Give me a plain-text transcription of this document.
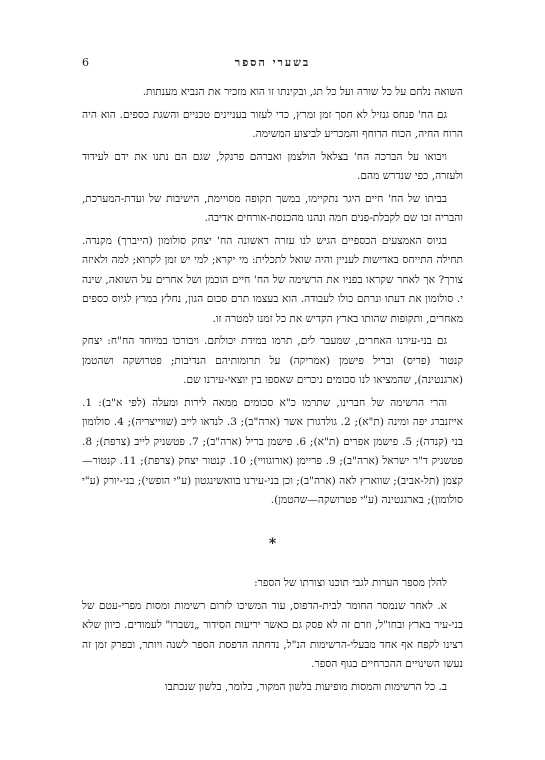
6	בשערי הספר

השואה נלחם על כל שורה ועל כל תג, ובקינתו זו הוא מזכיר את הנביא מענתות.

גם הח' פנחס גנזיל לא חסך זמן ומרץ, כדי לעזור בעניינים טכניים והשגת כספים. הוא היה הרוח החיה, הכוח הדוחף והמכריע לביצוע המשימה.

ויבואו על הברכה הח' בצלאל הולצמן ואברהם פרנקל, שגם הם נתנו את ידם לעידוד ולעזרה, כפי שנדרש מהם.

בביתו של הח' חיים היגר נתקיימו, במשך תקופה מסויימת, הישיבות של ועדת-המערכת, והבריה זכו שם לקבלת-פנים חמה ונהנו מהכנסת-אורחים אדיבה.

בגיוס האמצעים הכספיים הגיש לנו עזרה ראשונה הח' יצחק סולומון (הייברך) מקנדה. תחילה התייחס באדישות לעניין והיה שואל לתכלית: מי יקרא; למי יש זמן לקרוא; למה ולאיזה צורך? אך לאחר שקראו בפניו את הרשימה של הח' חיים הוכמן ושל אחרים על השואה, שינה י. סולומון את דעתו ונרתם כולו לעבודה. הוא בעצמו תרם סכום הגון, נחלץ במרץ לגיוס כספים מאחרים, ותקופות שהותו בארץ הקדיש את כל זמנו למטרה זו.

גם בני-עירנו האחרים, שמעבר לים, תרמו במידת יכולתם. ויבורכו במיוחד הח"ח: יצחק קנטור (פריס) ובריל פישמן (אמריקה) על תרומותיהם הנדיבות; פטרושקה ושהטמן (ארגנטינה), שהמציאו לנו סכומים ניכרים שאספו בין יוצאי-עירנו שם.

והרי הרשימה של חברינו, שתרמו כ"א סכומים ממאה לירות ומעלה (לפי א"ב): 1. אייזנברג יפה ומינה (ת"א); 2. גולדגורן אשר (ארה"ב); 3. לנדאו לייב (שווייצריה); 4. סולומון בני (קנדה); 5. פישמן אפרים (ת"א); 6. פישמן בריל (ארה"ב); 7. פטשניק לייב (צרפת); 8. פטשניק ד"ר ישראל (ארה"ב); 9. פריימן (אורוגוויי); 10. קנטור יצחק (צרפת); 11. קנטור—קצמן (תל-אביב); שווארץ לאה (ארה"ב); וכן בני-עירנו בוואשינגטון (ע"י הופשי); בני-יורק (ע"י סולומון); בארגנטינה (ע"י פטרושקה—שהטמן).

*

להלן מספר הערות לגבי תוכנו וצורתו של הספר:

א. לאחר שנמסר החומר לבית-הדפוס, עוד המשיכו לזרום רשימות ומסות מפרי-עטם של בני-עיר בארץ ובחו"ל, וזרם זה לא פסק גם כאשר יריעות הסידור „נשברו" לעמודים. כיוון שלא רצינו לקפח אף אחד מבעלי-הרשימות הנ"ל, נדחתה הדפסת הספר לשנה ויותר, ובפרק זמן זה נעשו השינויים ההכרחיים בגוף הספר.

ב. כל הרשימות והמסות מופיעות בלשון המקור, כלומר, בלשון שנכתבו
